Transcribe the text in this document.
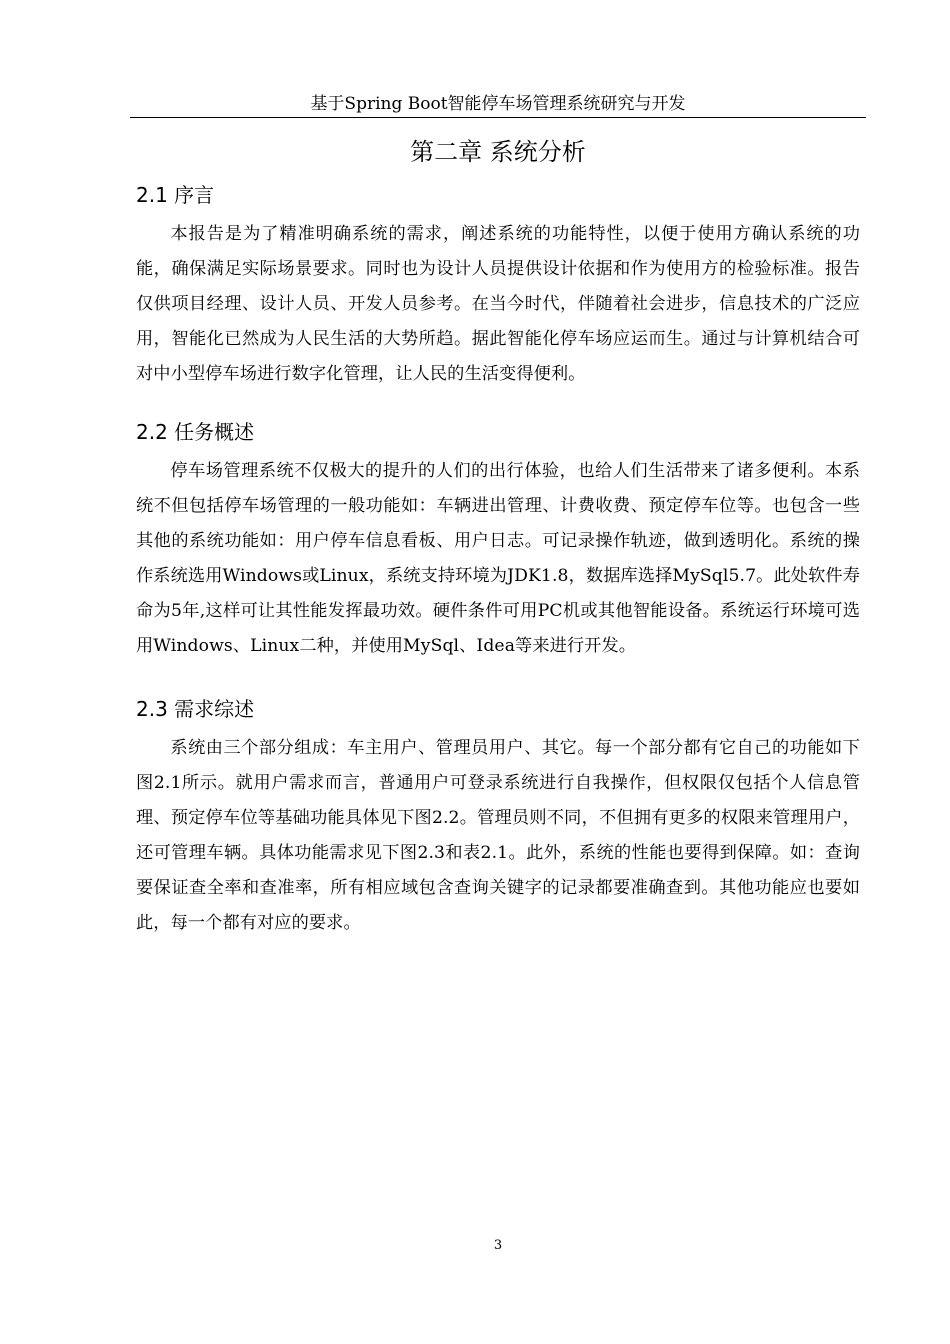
基于Spring Boot智能停车场管理系统研究与开发
第二章 系统分析
2.1 序言

本报告是为了精准明确系统的需求，阐述系统的功能特性，以便于使用方确认系统的功能，确保满足实际场景要求。同时也为设计人员提供设计依据和作为使用方的检验标准。报告仅供项目经理、设计人员、开发人员参考。在当今时代，伴随着社会进步，信息技术的广泛应用，智能化已然成为人民生活的大势所趋。据此智能化停车场应运而生。通过与计算机结合可对中小型停车场进行数字化管理，让人民的生活变得便利。

2.2 任务概述

停车场管理系统不仅极大的提升的人们的出行体验，也给人们生活带来了诸多便利。本系统不但包括停车场管理的一般功能如：车辆进出管理、计费收费、预定停车位等。也包含一些其他的系统功能如：用户停车信息看板、用户日志。可记录操作轨迹，做到透明化。系统的操作系统选用Windows或Linux，系统支持环境为JDK1.8，数据库选择MySql5.7。此处软件寿命为5年,这样可让其性能发挥最功效。硬件条件可用PC机或其他智能设备。系统运行环境可选用Windows、Linux二种，并使用MySql、Idea等来进行开发。

2.3 需求综述

系统由三个部分组成：车主用户、管理员用户、其它。每一个部分都有它自己的功能如下图2.1所示。就用户需求而言，普通用户可登录系统进行自我操作，但权限仅包括个人信息管理、预定停车位等基础功能具体见下图2.2。管理员则不同，不但拥有更多的权限来管理用户，还可管理车辆。具体功能需求见下图2.3和表2.1。此外，系统的性能也要得到保障。如：查询要保证查全率和查准率，所有相应域包含查询关键字的记录都要准确查到。其他功能应也要如此，每一个都有对应的要求。

3
